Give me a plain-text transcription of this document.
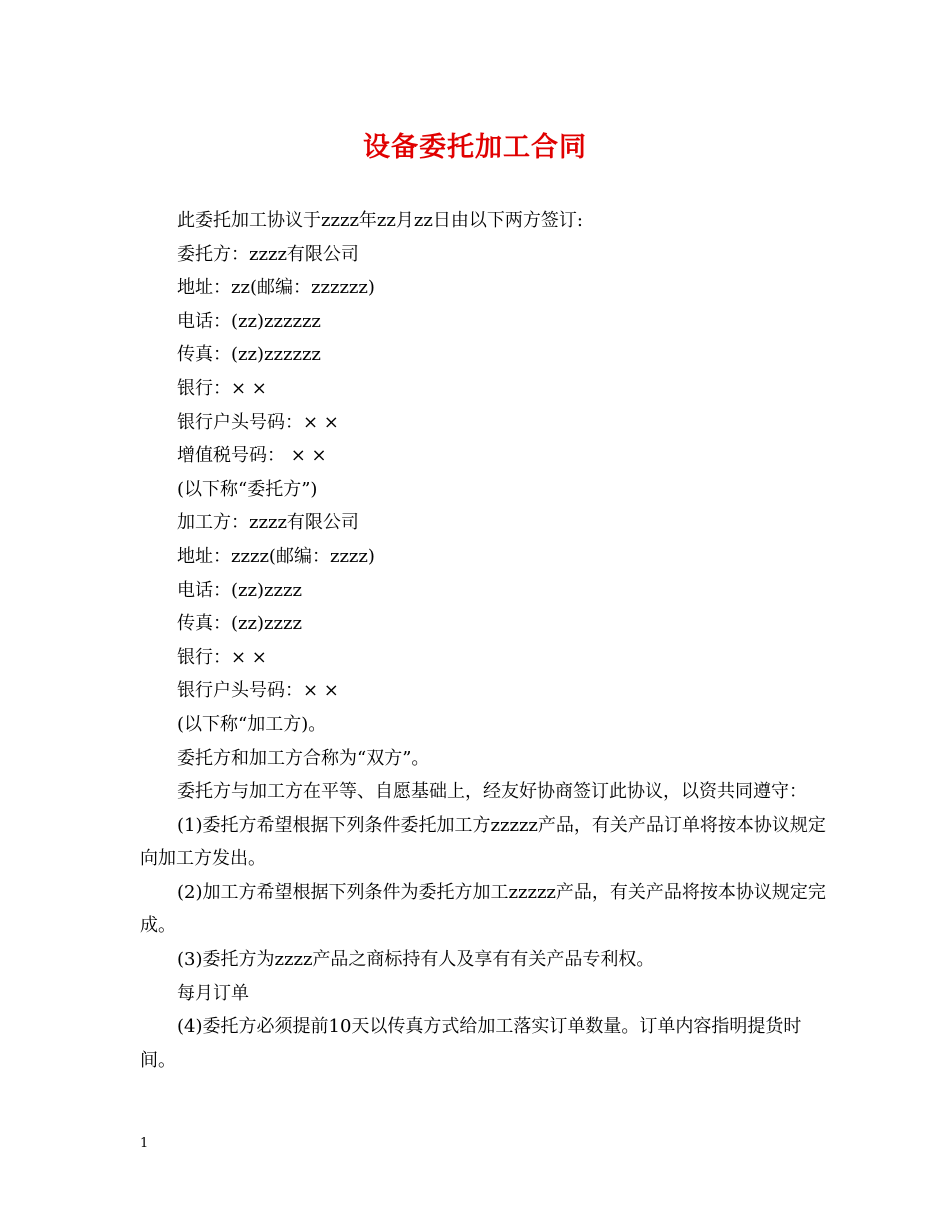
设备委托加工合同

此委托加工协议于zzzz年zz月zz日由以下两方签订:

委托方：zzzz有限公司

地址：zz(邮编：zzzzzz)

电话：(zz)zzzzzz

传真：(zz)zzzzzz

银行：× ×

银行户头号码：× ×

增值税号码： × ×

(以下称“委托方”)

加工方：zzzz有限公司

地址：zzzz(邮编：zzzz)

电话：(zz)zzzz

传真：(zz)zzzz

银行：× ×

银行户头号码：× ×

(以下称“加工方)。

委托方和加工方合称为“双方”。

委托方与加工方在平等、自愿基础上，经友好协商签订此协议，以资共同遵守：

(1)委托方希望根据下列条件委托加工方zzzzz产品，有关产品订单将按本协议规定向加工方发出。

(2)加工方希望根据下列条件为委托方加工zzzzz产品，有关产品将按本协议规定完成。

(3)委托方为zzzz产品之商标持有人及享有有关产品专利权。

每月订单

(4)委托方必须提前10天以传真方式给加工落实订单数量。订单内容指明提货时间。

1
